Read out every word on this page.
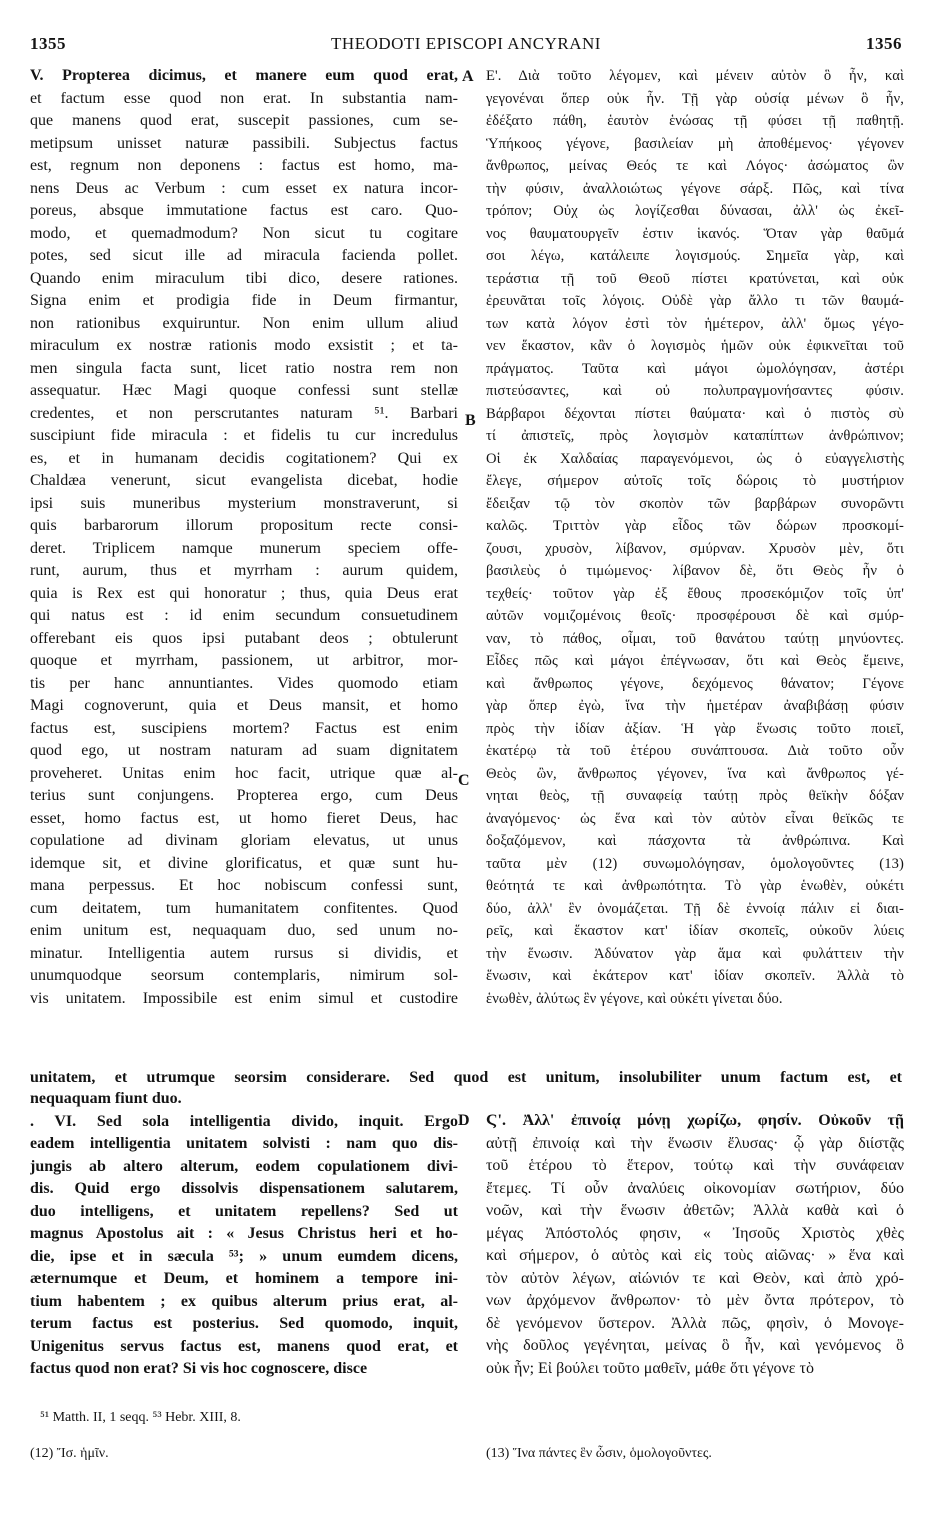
1355	THEODOTI EPISCOPI ANCYRANI	1356
A
B
C
D
V. Propterea dicimus, et manere eum quod erat,
et factum esse quod non erat. In substantia nam-
que manens quod erat, suscepit passiones, cum se-
metipsum unisset naturæ passibili. Subjectus factus
est, regnum non deponens : factus est homo, ma-
nens Deus ac Verbum : cum esset ex natura incor-
poreus, absque immutatione factus est caro. Quo-
modo, et quemadmodum? Non sicut tu cogitare
potes, sed sicut ille ad miracula facienda pollet.
Quando enim miraculum tibi dico, desere rationes.
Signa enim et prodigia fide in Deum firmantur,
non rationibus exquiruntur. Non enim ullum aliud
miraculum ex nostræ rationis modo exsistit ; et ta-
men singula facta sunt, licet ratio nostra rem non
assequatur. Hæc Magi quoque confessi sunt stellæ
credentes, et non perscrutantes naturam ⁵¹. Barbari
suscipiunt fide miracula : et fidelis tu cur incredulus
es, et in humanam decidis cogitationem? Qui ex
Chaldæa venerunt, sicut evangelista dicebat, hodie
ipsi suis muneribus mysterium monstraverunt, si
quis barbarorum illorum propositum recte consi-
deret. Triplicem namque munerum speciem offe-
runt, aurum, thus et myrrham : aurum quidem,
quia is Rex est qui honoratur ; thus, quia Deus erat
qui natus est : id enim secundum consuetudinem
offerebant eis quos ipsi putabant deos ; obtulerunt
quoque et myrrham, passionem, ut arbitror, mor-
tis per hanc annuntiantes. Vides quomodo etiam
Magi cognoverunt, quia et Deus mansit, et homo
factus est, suscipiens mortem? Factus est enim
quod ego, ut nostram naturam ad suam dignitatem
proveheret. Unitas enim hoc facit, utrique quæ al-
terius sunt conjungens. Propterea ergo, cum Deus
esset, homo factus est, ut homo fieret Deus, hac
copulatione ad divinam gloriam elevatus, ut unus
idemque sit, et divine glorificatus, et quæ sunt hu-
mana perpessus. Et hoc nobiscum confessi sunt,
cum deitatem, tum humanitatem confitentes. Quod
enim unitum est, nequaquam duo, sed unum no-
minatur. Intelligentia autem rursus si dividis, et
unumquodque seorsum contemplaris, nimirum sol-
vis unitatem. Impossibile est enim simul et custodire
Ε'. Διὰ τοῦτο λέγομεν, καὶ μένειν αὐτὸν ὃ ἦν, καὶ
γεγονέναι ὅπερ οὐκ ἦν. Τῇ γὰρ οὐσίᾳ μένων ὃ ἦν,
ἐδέξατο πάθη, ἑαυτὸν ἑνώσας τῇ φύσει τῇ παθητῇ.
Ὑπήκοος γέγονε, βασιλείαν μὴ ἀποθέμενος· γέγονεν
ἄνθρωπος, μείνας Θεός τε καὶ Λόγος· ἀσώματος ὢν
τὴν φύσιν, ἀναλλοιώτως γέγονε σάρξ. Πῶς, καὶ τίνα
τρόπον; Οὐχ ὡς λογίζεσθαι δύνασαι, ἀλλ' ὡς ἐκεῖ-
νος θαυματουργεῖν ἐστιν ἱκανός. Ὅταν γὰρ θαῦμά
σοι λέγω, κατάλειπε λογισμούς. Σημεῖα γὰρ, καὶ
τεράστια τῇ τοῦ Θεοῦ πίστει κρατύνεται, καὶ οὐκ
ἐρευνᾶται τοῖς λόγοις. Οὐδὲ γὰρ ἄλλο τι τῶν θαυμά-
των κατὰ λόγον ἐστὶ τὸν ἡμέτερον, ἀλλ' ὅμως γέγο-
νεν ἕκαστον, κἂν ὁ λογισμὸς ἡμῶν οὐκ ἐφικνεῖται τοῦ
πράγματος. Ταῦτα καὶ μάγοι ὡμολόγησαν, ἀστέρι
πιστεύσαντες, καὶ οὐ πολυπραγμονήσαντες φύσιν.
Βάρβαροι δέχονται πίστει θαύματα· καὶ ὁ πιστὸς σὺ
τί ἀπιστεῖς, πρὸς λογισμὸν καταπίπτων ἀνθρώπινον;
Οἱ ἐκ Χαλδαίας παραγενόμενοι, ὡς ὁ εὐαγγελιστὴς
ἔλεγε, σήμερον αὐτοῖς τοῖς δώροις τὸ μυστήριον
ἔδειξαν τῷ τὸν σκοπὸν τῶν βαρβάρων συνορῶντι
καλῶς. Τριττὸν γὰρ εἶδος τῶν δώρων προσκομί-
ζουσι, χρυσὸν, λίβανον, σμύρναν. Χρυσὸν μὲν, ὅτι
βασιλεὺς ὁ τιμώμενος· λίβανον δὲ, ὅτι Θεὸς ἦν ὁ
τεχθείς· τοῦτον γὰρ ἐξ ἔθους προσεκόμιζον τοῖς ὑπ'
αὐτῶν νομιζομένοις θεοῖς· προσφέρουσι δὲ καὶ σμύρ-
ναν, τὸ πάθος, οἶμαι, τοῦ θανάτου ταύτῃ μηνύοντες.
Εἶδες πῶς καὶ μάγοι ἐπέγνωσαν, ὅτι καὶ Θεὸς ἔμεινε,
καὶ ἄνθρωπος γέγονε, δεχόμενος θάνατον; Γέγονε
γὰρ ὅπερ ἐγὼ, ἵνα τὴν ἡμετέραν ἀναβιβάσῃ φύσιν
πρὸς τὴν ἰδίαν ἀξίαν. Ἡ γὰρ ἕνωσις τοῦτο ποιεῖ,
ἑκατέρῳ τὰ τοῦ ἑτέρου συνάπτουσα. Διὰ τοῦτο οὖν
Θεὸς ὢν, ἄνθρωπος γέγονεν, ἵνα καὶ ἄνθρωπος γέ-
νηται θεὸς, τῇ συναφείᾳ ταύτῃ πρὸς θεϊκὴν δόξαν
ἀναγόμενος· ὡς ἕνα καὶ τὸν αὐτὸν εἶναι θεϊκῶς τε
δοξαζόμενον, καὶ πάσχοντα τὰ ἀνθρώπινα. Καὶ
ταῦτα μὲν (12) συνωμολόγησαν, ὁμολογοῦντες (13)
θεότητά τε καὶ ἀνθρωπότητα. Τὸ γὰρ ἑνωθὲν, οὐκέτι
δύο, ἀλλ' ἓν ὀνομάζεται. Τῇ δὲ ἐννοίᾳ πάλιν εἰ διαι-
ρεῖς, καὶ ἕκαστον κατ' ἰδίαν σκοπεῖς, οὐκοῦν λύεις
τὴν ἕνωσιν. Ἀδύνατον γὰρ ἅμα καὶ φυλάττειν τὴν
ἕνωσιν, καὶ ἑκάτερον κατ' ἰδίαν σκοπεῖν. Ἀλλὰ τὸ
ἑνωθὲν, ἀλύτως ἓν γέγονε, καὶ οὐκέτι γίνεται δύο.
unitatem, et utrumque seorsim considerare. Sed quod est unitum, insolubiliter unum factum est, et
nequaquam fiunt duo.
. VI. Sed sola intelligentia divido, inquit. Ergo
eadem intelligentia unitatem solvisti : nam quo dis-
jungis ab altero alterum, eodem copulationem divi-
dis. Quid ergo dissolvis dispensationem salutarem,
duo intelligens, et unitatem repellens? Sed ut
magnus Apostolus ait : « Jesus Christus heri et ho-
die, ipse et in sæcula ⁵³; » unum eumdem dicens,
æternumque et Deum, et hominem a tempore ini-
tium habentem ; ex quibus alterum prius erat, al-
terum factus est posterius. Sed quomodo, inquit,
Unigenitus servus factus est, manens quod erat, et
factus quod non erat? Si vis hoc cognoscere, disce
Ϛ'. Ἀλλ' ἐπινοίᾳ μόνῃ χωρίζω, φησίν. Οὐκοῦν τῇ
αὐτῇ ἐπινοίᾳ καὶ τὴν ἕνωσιν ἔλυσας· ᾧ γὰρ διίστᾷς
τοῦ ἑτέρου τὸ ἕτερον, τούτῳ καὶ τὴν συνάφειαν
ἔτεμες. Τί οὖν ἀναλύεις οἰκονομίαν σωτήριον, δύο
νοῶν, καὶ τὴν ἕνωσιν ἀθετῶν; Ἀλλὰ καθὰ καὶ ὁ
μέγας Ἀπόστολός φησιν, « Ἰησοῦς Χριστὸς χθὲς
καὶ σήμερον, ὁ αὐτὸς καὶ εἰς τοὺς αἰῶνας· » ἕνα καὶ
τὸν αὐτὸν λέγων, αἰώνιόν τε καὶ Θεὸν, καὶ ἀπὸ χρό-
νων ἀρχόμενον ἄνθρωπον· τὸ μὲν ὄντα πρότερον, τὸ
δὲ γενόμενον ὕστερον. Ἀλλὰ πῶς, φησὶν, ὁ Μονογε-
νὴς δοῦλος γεγένηται, μείνας ὃ ἦν, καὶ γενόμενος ὃ
οὐκ ἦν; Εἰ βούλει τοῦτο μαθεῖν, μάθε ὅτι γέγονε τὸ
⁵¹ Matth. II, 1 seqq. ⁵³ Hebr. XIII, 8.
(12) Ἴσ. ἡμῖν.	(13) Ἵνα πάντες ἓν ὦσιν, ὁμολογοῦντες.
